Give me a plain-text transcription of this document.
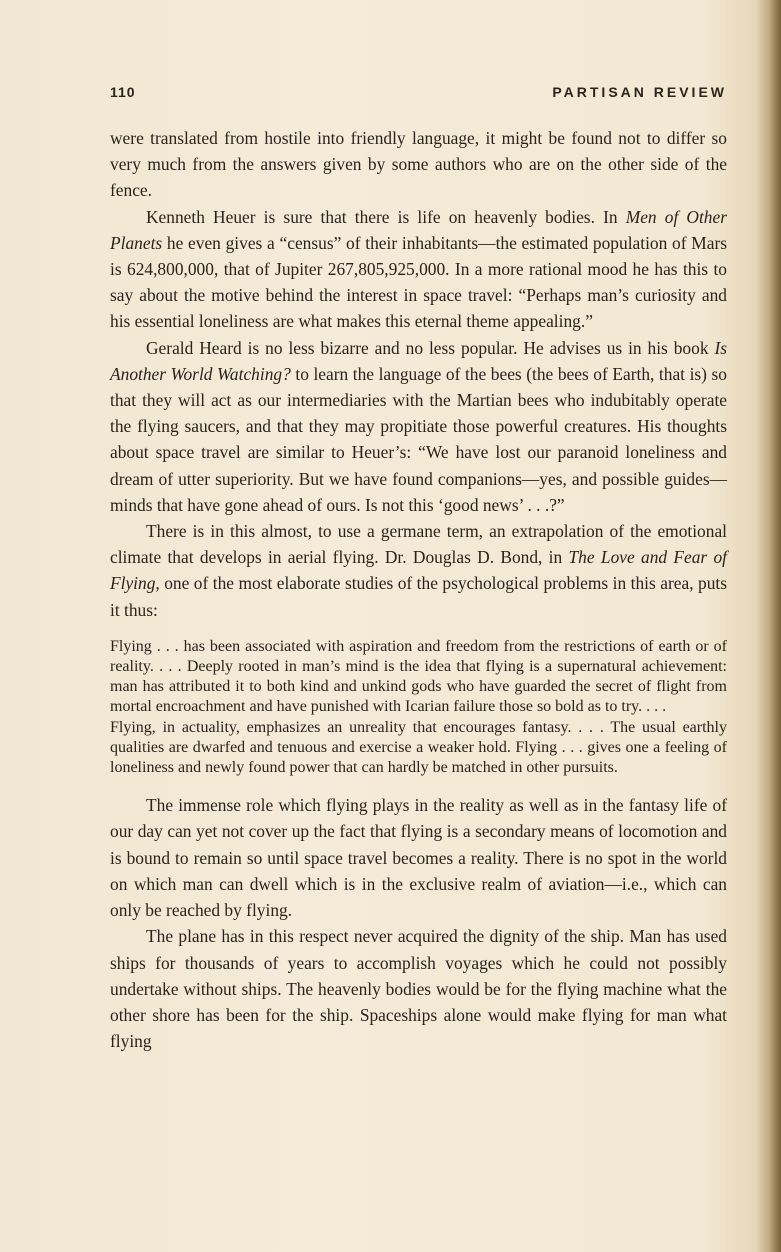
110	PARTISAN REVIEW

were translated from hostile into friendly language, it might be found not to differ so very much from the answers given by some authors who are on the other side of the fence.

Kenneth Heuer is sure that there is life on heavenly bodies. In Men of Other Planets he even gives a “census” of their inhabitants—the estimated population of Mars is 624,800,000, that of Jupiter 267,805,925,000. In a more rational mood he has this to say about the motive behind the interest in space travel: “Perhaps man’s curiosity and his essential loneliness are what makes this eternal theme appealing.”

Gerald Heard is no less bizarre and no less popular. He advises us in his book Is Another World Watching? to learn the language of the bees (the bees of Earth, that is) so that they will act as our intermediaries with the Martian bees who indubitably operate the flying saucers, and that they may propitiate those powerful creatures. His thoughts about space travel are similar to Heuer’s: “We have lost our paranoid loneliness and dream of utter superiority. But we have found companions—yes, and possible guides—minds that have gone ahead of ours. Is not this ‘good news’ . . .?”

There is in this almost, to use a germane term, an extrapolation of the emotional climate that develops in aerial flying. Dr. Douglas D. Bond, in The Love and Fear of Flying, one of the most elaborate studies of the psychological problems in this area, puts it thus:

Flying . . . has been associated with aspiration and freedom from the restrictions of earth or of reality. . . . Deeply rooted in man’s mind is the idea that flying is a supernatural achievement: man has attributed it to both kind and unkind gods who have guarded the secret of flight from mortal encroachment and have punished with Icarian failure those so bold as to try. . . .

Flying, in actuality, emphasizes an unreality that encourages fantasy. . . . The usual earthly qualities are dwarfed and tenuous and exercise a weaker hold. Flying . . . gives one a feeling of loneliness and newly found power that can hardly be matched in other pursuits.

The immense role which flying plays in the reality as well as in the fantasy life of our day can yet not cover up the fact that flying is a secondary means of locomotion and is bound to remain so until space travel becomes a reality. There is no spot in the world on which man can dwell which is in the exclusive realm of aviation—i.e., which can only be reached by flying.

The plane has in this respect never acquired the dignity of the ship. Man has used ships for thousands of years to accomplish voyages which he could not possibly undertake without ships. The heavenly bodies would be for the flying machine what the other shore has been for the ship. Spaceships alone would make flying for man what flying
